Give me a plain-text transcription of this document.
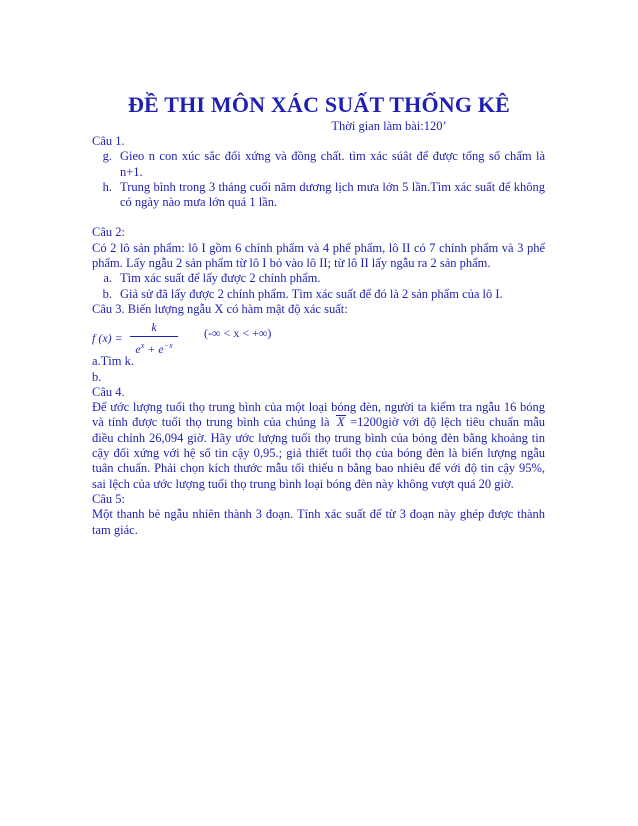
ĐỀ THI MÔN XÁC SUẤT THỐNG KÊ
Thời gian làm bài:120’

Câu 1.

g. Gieo n con xúc sắc đối xứng và đồng chất. tìm xác súât để được tổng số chấm là n+1.
h. Trung bình trong 3 tháng cuối năm dương lịch mưa lớn 5 lần.Tìm xác suất để không có ngày nào mưa lớn quá 1 lần.

Câu 2:

Có 2 lô sản phẩm: lô I gồm 6 chính phẩm và 4 phế phẩm, lô II có 7 chính phẩm và 3 phế phẩm. Lấy ngẫu 2 sản phẩm từ lô I bỏ vào lô II; từ lô II lấy ngẫu ra 2 sản phẩm.

a. Tìm xác suất để lấy được 2 chính phẩm.
b. Giả sử đã lấy được 2 chính phẩm. Tìm xác suất để đó là 2 sản phẩm của lô I.

Câu 3. Biến lượng ngẫu X có hàm mật độ xác suất:

f (x) =
k
$e^x + e^{-x}$
(-∞ < x < +∞)

a.Tìm k.

b.

Câu 4.

Để ước lượng tuổi thọ trung bình của một loại bóng đèn, người ta kiểm tra ngẫu 16 bóng và tính được tuổi thọ trung bình của chúng là X =1200giờ với độ lệch tiêu chuẩn mẫu điều chỉnh 26,094 giờ. Hãy ước lượng tuổi thọ trung bình của bóng đèn bằng khoảng tin cậy đối xứng với hệ số tin cậy 0,95.; giả thiết tuổi thọ của bóng đèn là biến lượng ngẫu tuân chuẩn. Phải chọn kích thước mẫu tối thiểu n bằng bao nhiêu để với độ tin cậy 95%, sai lệch của ước lượng tuổi thọ trung bình loại bóng đèn này không vượt quá 20 giờ.

Câu 5:

Một thanh bẻ ngẫu nhiên thành 3 đoạn. Tính xác suất để từ 3 đoạn này ghép được thành tam giác.
